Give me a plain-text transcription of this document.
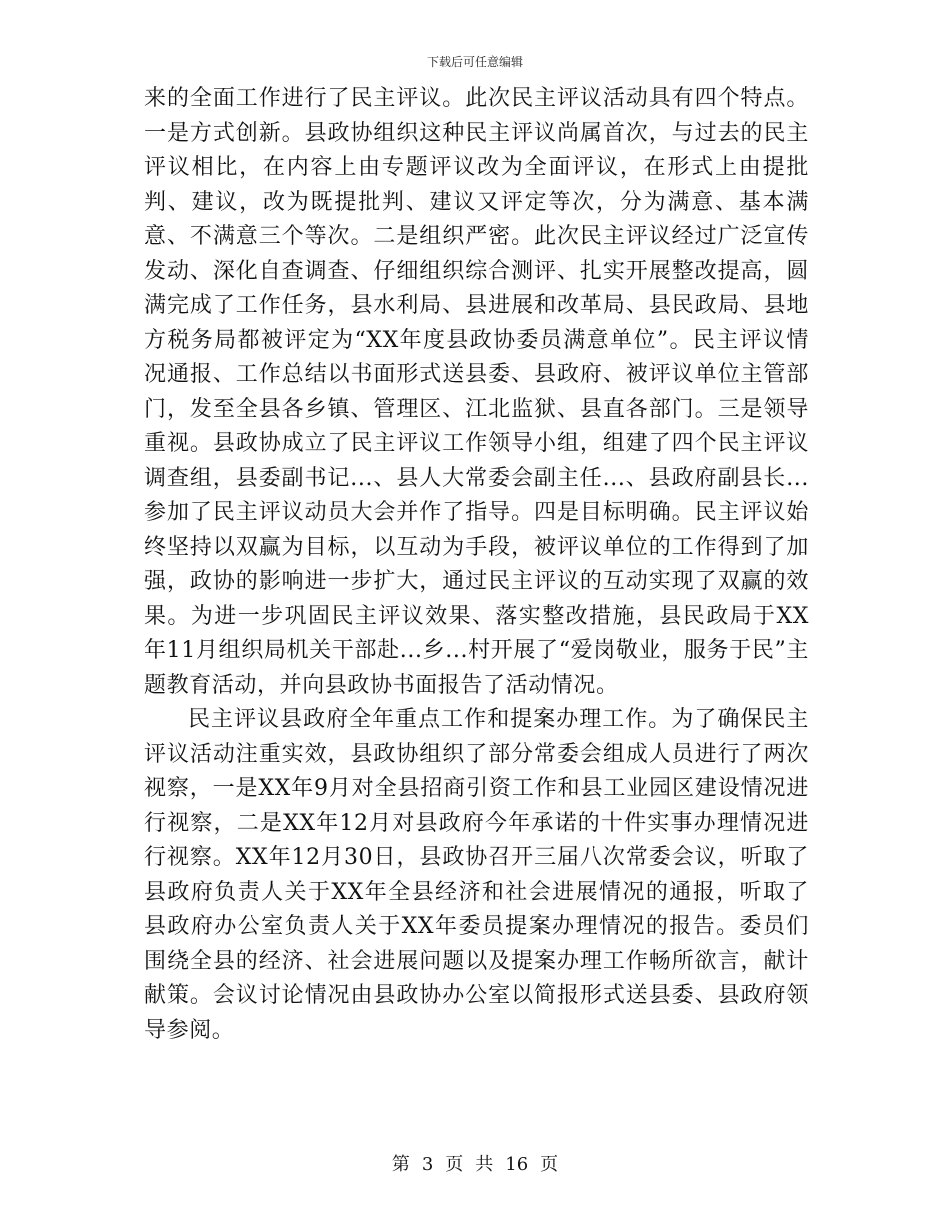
下载后可任意编辑

来的全面工作进行了民主评议。此次民主评议活动具有四个特点。一是方式创新。县政协组织这种民主评议尚属首次，与过去的民主评议相比，在内容上由专题评议改为全面评议，在形式上由提批判、建议，改为既提批判、建议又评定等次，分为满意、基本满意、不满意三个等次。二是组织严密。此次民主评议经过广泛宣传发动、深化自查调查、仔细组织综合测评、扎实开展整改提高，圆满完成了工作任务，县水利局、县进展和改革局、县民政局、县地方税务局都被评定为“XX年度县政协委员满意单位”。民主评议情况通报、工作总结以书面形式送县委、县政府、被评议单位主管部门，发至全县各乡镇、管理区、江北监狱、县直各部门。三是领导重视。县政协成立了民主评议工作领导小组，组建了四个民主评议调查组，县委副书记...、县人大常委会副主任...、县政府副县长...参加了民主评议动员大会并作了指导。四是目标明确。民主评议始终坚持以双赢为目标，以互动为手段，被评议单位的工作得到了加强，政协的影响进一步扩大，通过民主评议的互动实现了双赢的效果。为进一步巩固民主评议效果、落实整改措施，县民政局于XX年11月组织局机关干部赴...乡...村开展了“爱岗敬业，服务于民”主题教育活动，并向县政协书面报告了活动情况。

民主评议县政府全年重点工作和提案办理工作。为了确保民主评议活动注重实效，县政协组织了部分常委会组成人员进行了两次视察，一是XX年9月对全县招商引资工作和县工业园区建设情况进行视察，二是XX年12月对县政府今年承诺的十件实事办理情况进行视察。XX年12月30日，县政协召开三届八次常委会议，听取了县政府负责人关于XX年全县经济和社会进展情况的通报，听取了县政府办公室负责人关于XX年委员提案办理情况的报告。委员们围绕全县的经济、社会进展问题以及提案办理工作畅所欲言，献计献策。会议讨论情况由县政协办公室以简报形式送县委、县政府领导参阅。

第 3 页 共 16 页
